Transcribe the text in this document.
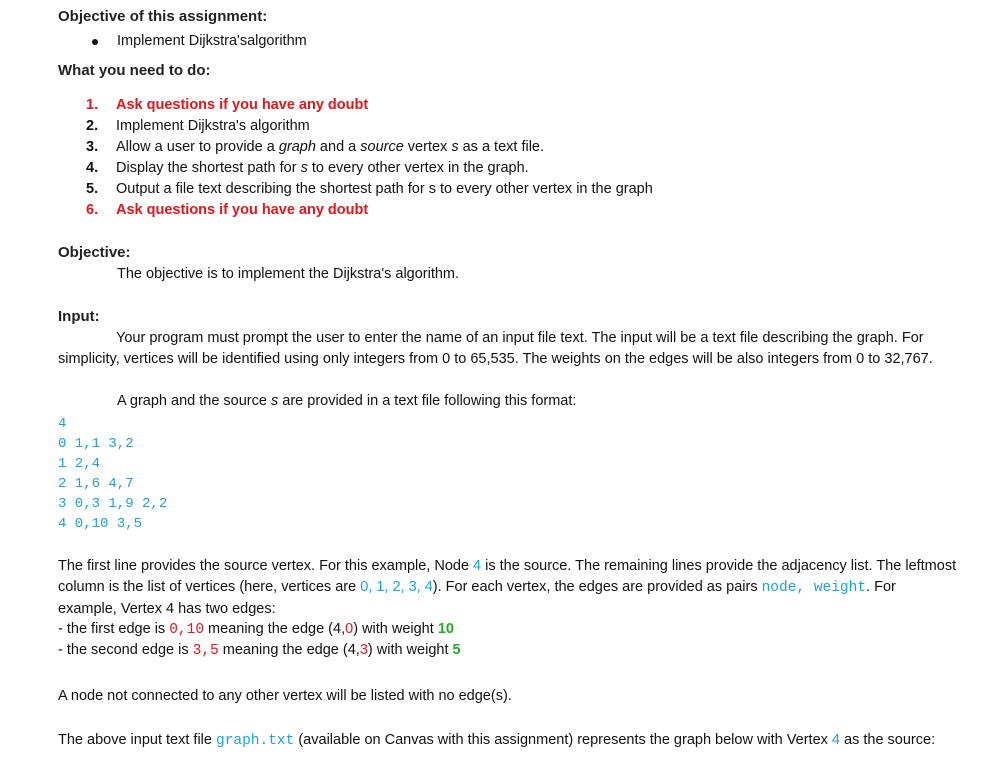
Objective of this assignment:
Implement Dijkstra'salgorithm
What you need to do:
1. Ask questions if you have any doubt
2. Implement Dijkstra's algorithm
3. Allow a user to provide a graph and a source vertex s as a text file.
4. Display the shortest path for s to every other vertex in the graph.
5. Output a file text describing the shortest path for s to every other vertex in the graph
6. Ask questions if you have any doubt
Objective:
The objective is to implement the Dijkstra's algorithm.
Input:
Your program must prompt the user to enter the name of an input file text. The input will be a text file describing the graph. For simplicity, vertices will be identified using only integers from 0 to 65,535. The weights on the edges will be also integers from 0 to 32,767.
A graph and the source s are provided in a text file following this format:
4
0 1,1 3,2
1 2,4
2 1,6 4,7
3 0,3 1,9 2,2
4 0,10 3,5
The first line provides the source vertex. For this example, Node 4 is the source. The remaining lines provide the adjacency list. The leftmost column is the list of vertices (here, vertices are 0, 1, 2, 3, 4). For each vertex, the edges are provided as pairs node, weight. For example, Vertex 4 has two edges:
- the first edge is 0,10 meaning the edge (4,0) with weight 10
- the second edge is 3,5 meaning the edge (4,3) with weight 5
A node not connected to any other vertex will be listed with no edge(s).
The above input text file graph.txt (available on Canvas with this assignment) represents the graph below with Vertex 4 as the source:
